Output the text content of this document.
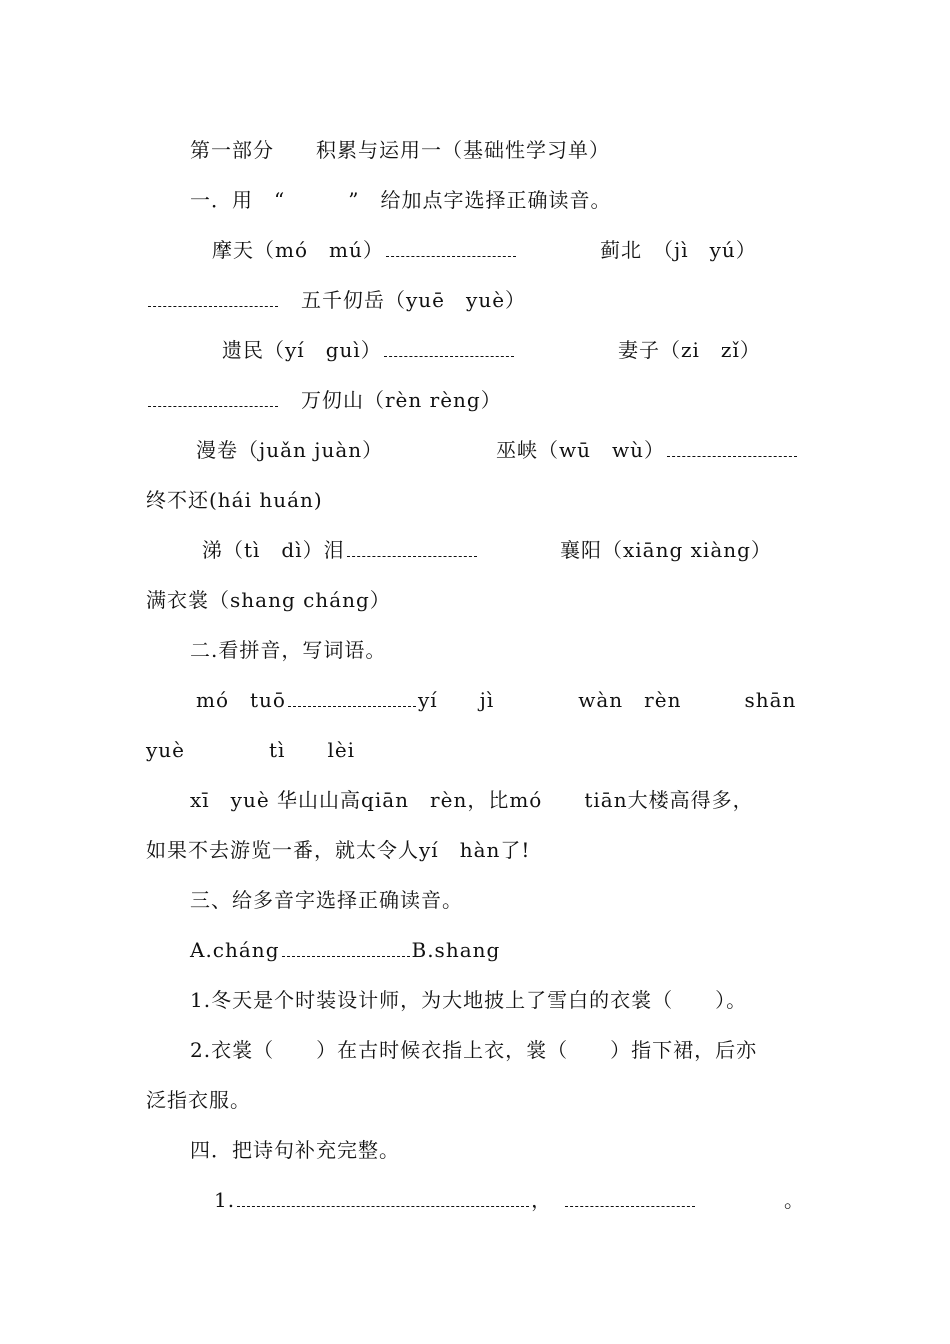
第一部分　　积累与运用一（基础性学习单）

一．用　“　　　”　给加点字选择正确读音。

摩天（mó　mú）	蓟北　（jì　yú）

　五千仞岳（yuē　yuè）

遗民（yí　guì）	妻子（zi　zǐ）

　万仞山（rèn rèng）

漫卷（juǎn juàn）	巫峡（wū　wù）

终不还(hái huán)

涕（tì　dì）泪	襄阳（xiāng xiàng）

满衣裳（shang cháng）

二.看拼音，写词语。

mó　tuō	yí　　jì　　　　wàn　rèn　　　shān

yuè　　　　tì　　lèi

xī　yuè 华山山高qiān　rèn，比mó　　tiān大楼高得多，

如果不去游览一番，就太令人yí　hàn了!

三、给多音字选择正确读音。

A.cháng	B.shang

1.冬天是个时装设计师，为大地披上了雪白的衣裳（　　）。

2.衣裳（　　）在古时候衣指上衣，裳（　　）指下裙，后亦

泛指衣服。

四．把诗句补充完整。

1.	，　	。
